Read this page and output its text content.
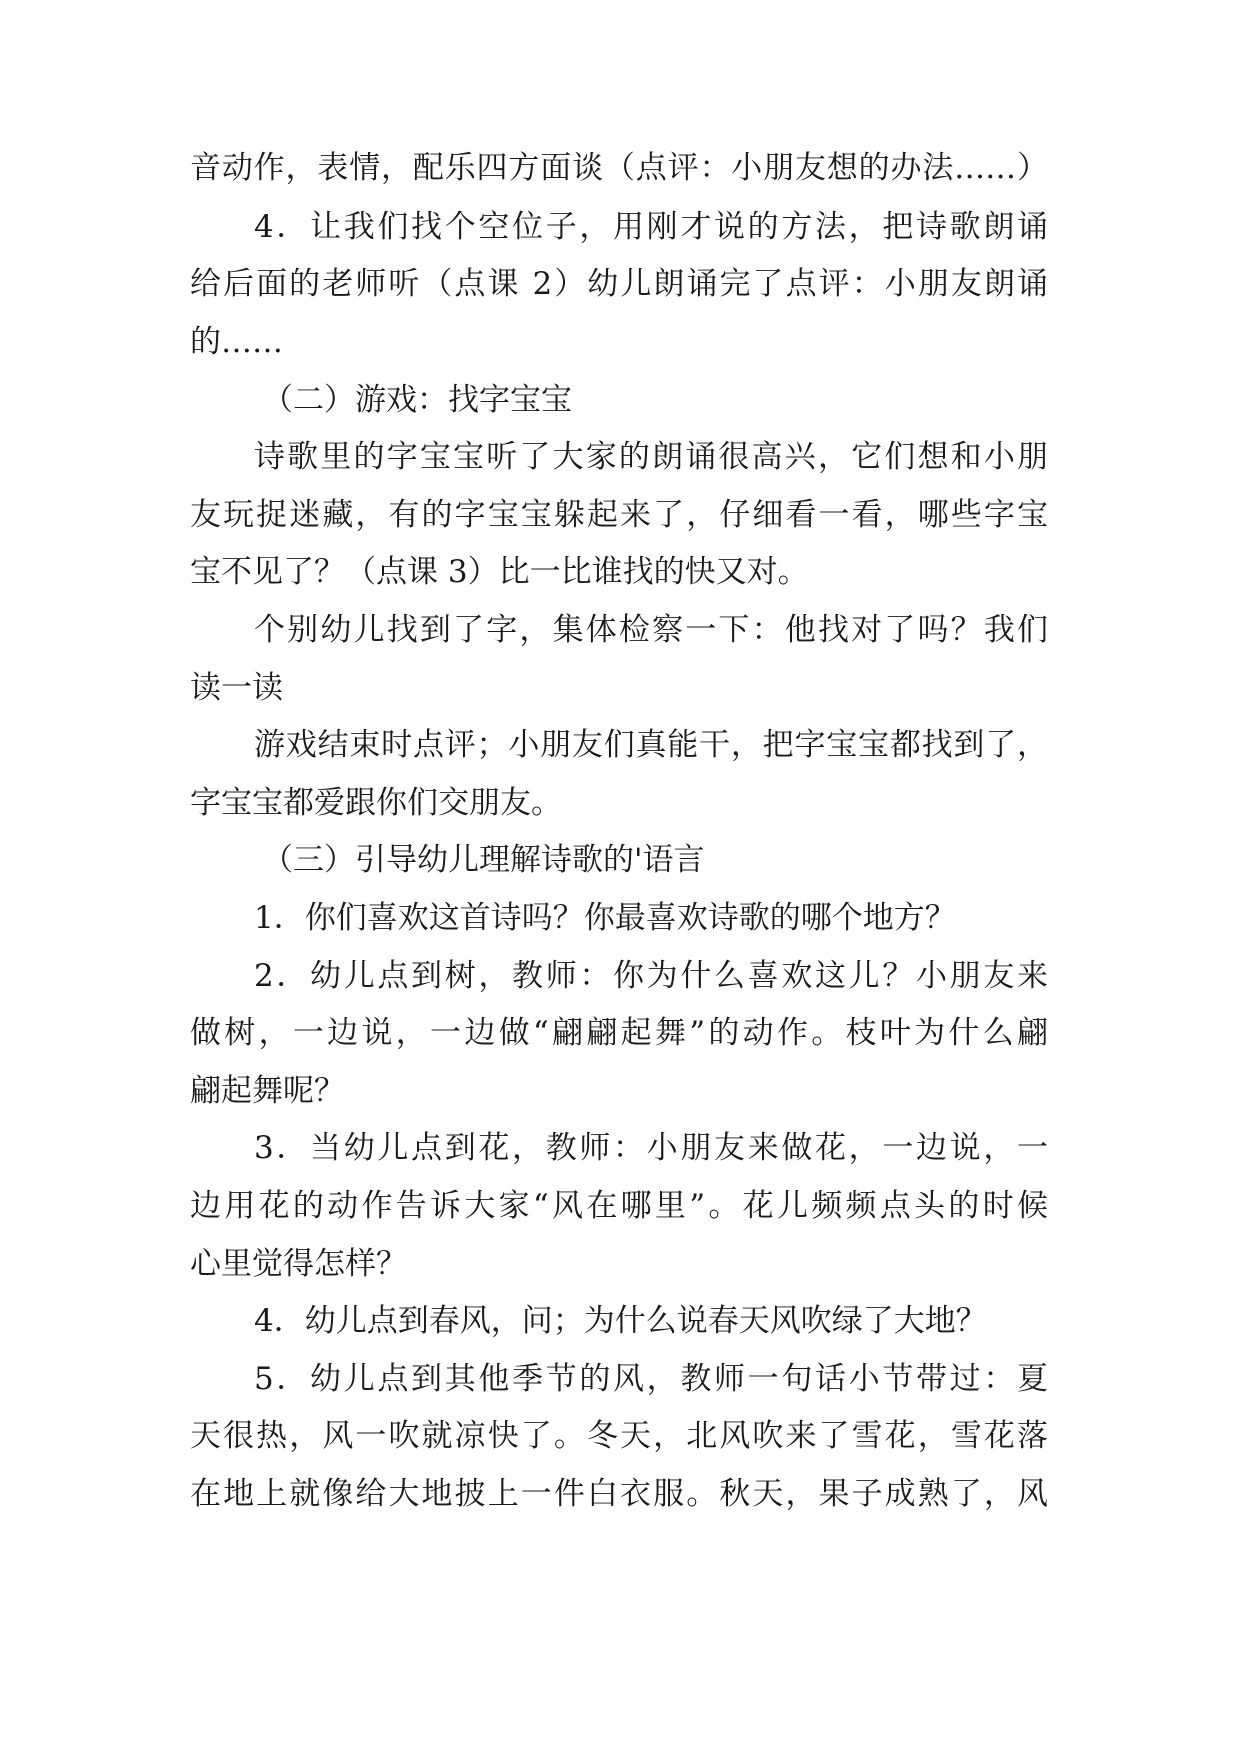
音动作，表情，配乐四方面谈（点评：小朋友想的办法……）
4．让我们找个空位子，用刚才说的方法，把诗歌朗诵
给后面的老师听（点课 2）幼儿朗诵完了点评：小朋友朗诵
的……
（二）游戏：找字宝宝
诗歌里的字宝宝听了大家的朗诵很高兴，它们想和小朋
友玩捉迷藏，有的字宝宝躲起来了，仔细看一看，哪些字宝
宝不见了？（点课 3）比一比谁找的快又对。
个别幼儿找到了字，集体检察一下：他找对了吗？我们
读一读
游戏结束时点评；小朋友们真能干，把字宝宝都找到了，
字宝宝都爱跟你们交朋友。
（三）引导幼儿理解诗歌的'语言
1．你们喜欢这首诗吗？你最喜欢诗歌的哪个地方？
2．幼儿点到树，教师：你为什么喜欢这儿？小朋友来
做树，一边说，一边做“翩翩起舞”的动作。枝叶为什么翩
翩起舞呢？
3．当幼儿点到花，教师：小朋友来做花，一边说，一
边用花的动作告诉大家“风在哪里”。花儿频频点头的时候
心里觉得怎样？
4．幼儿点到春风，问；为什么说春天风吹绿了大地？
5．幼儿点到其他季节的风，教师一句话小节带过：夏
天很热，风一吹就凉快了。冬天，北风吹来了雪花，雪花落
在地上就像给大地披上一件白衣服。秋天，果子成熟了，风
